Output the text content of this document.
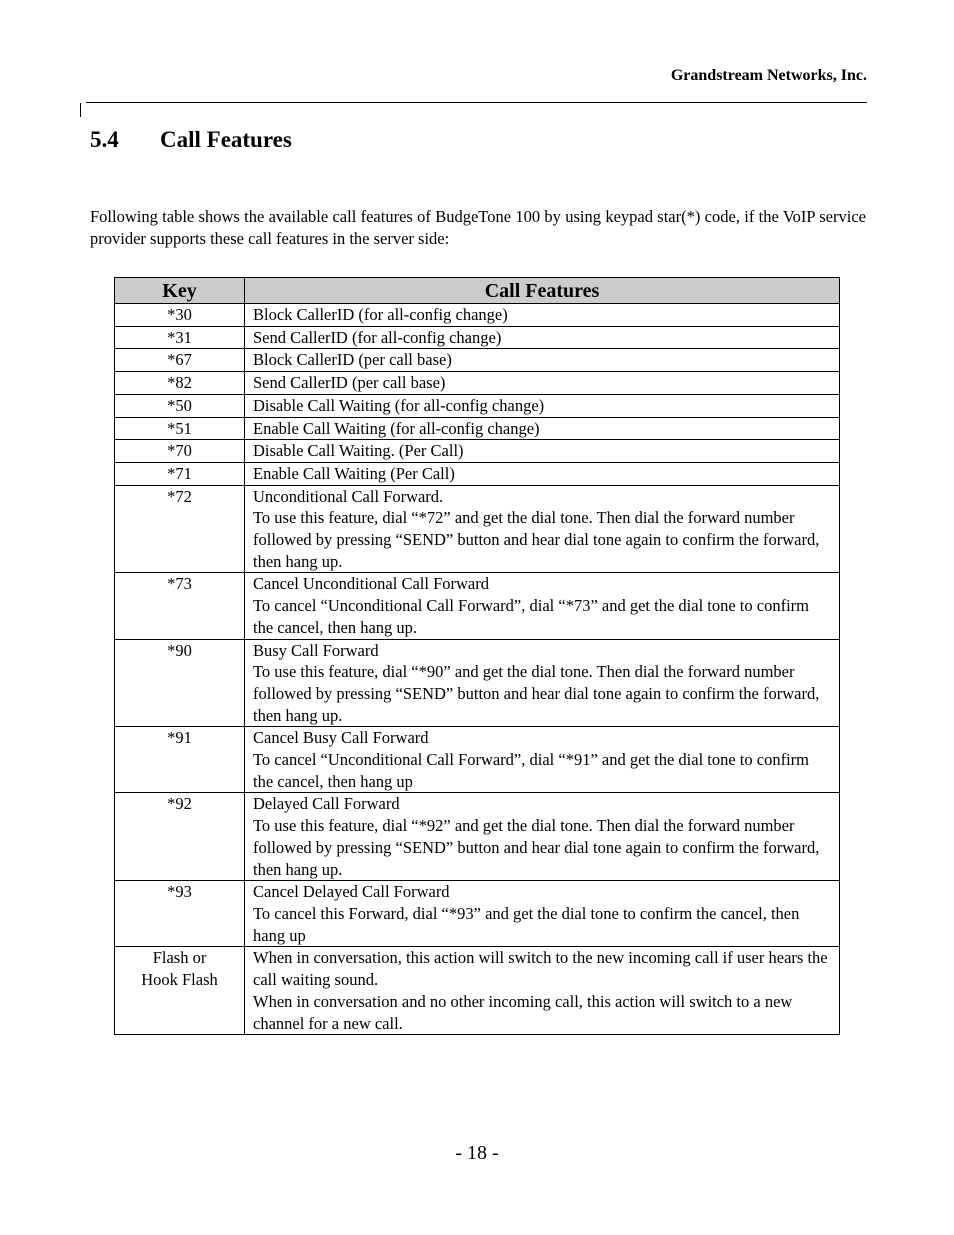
Grandstream Networks, Inc.
5.4	Call Features

Following table shows the available call features of BudgeTone 100 by using keypad star(*) code, if the VoIP service provider supports these call features in the server side:

Key	Call Features

*30	Block CallerID (for all-config change)

*31	Send CallerID (for all-config change)

*67	Block CallerID (per call base)

*82	Send CallerID (per call base)

*50	Disable Call Waiting (for all-config change)

*51	Enable Call Waiting (for all-config change)

*70	Disable Call Waiting. (Per Call)

*71	Enable Call Waiting (Per Call)

*72	Unconditional Call Forward.
To use this feature, dial “*72” and get the dial tone. Then dial the forward number followed by pressing “SEND” button and hear dial tone again to confirm the forward, then hang up.

*73	Cancel Unconditional Call Forward
To cancel “Unconditional Call Forward”, dial “*73” and get the dial tone to confirm the cancel, then hang up.

*90	Busy Call Forward
To use this feature, dial “*90” and get the dial tone. Then dial the forward number followed by pressing “SEND” button and hear dial tone again to confirm the forward, then hang up.

*91	Cancel Busy Call Forward
To cancel “Unconditional Call Forward”, dial “*91” and get the dial tone to confirm the cancel, then hang up

*92	Delayed Call Forward
To use this feature, dial “*92” and get the dial tone. Then dial the forward number followed by pressing “SEND” button and hear dial tone again to confirm the forward, then hang up.

*93	Cancel Delayed Call Forward
To cancel this Forward, dial “*93” and get the dial tone to confirm the cancel, then hang up

Flash or
Hook Flash	When in conversation, this action will switch to the new incoming call if user hears the call waiting sound.
When in conversation and no other incoming call, this action will switch to a new channel for a new call.
- 18 -
